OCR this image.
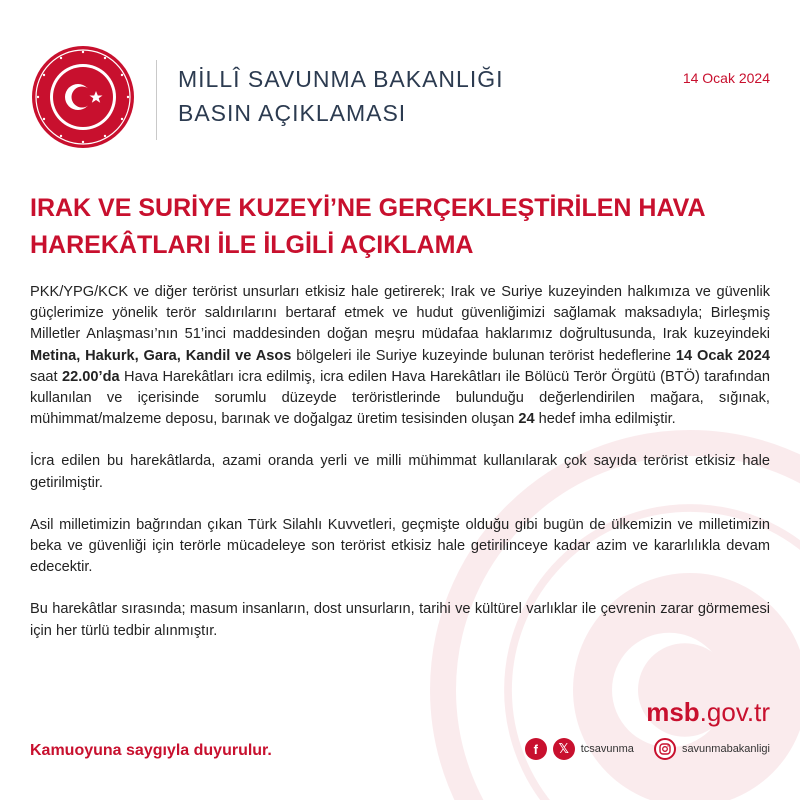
MİLLÎ SAVUNMA BAKANLIĞI
BASIN AÇIKLAMASI
14 Ocak 2024
IRAK VE SURİYE KUZEYİ’NE GERÇEKLEŞTİRİLEN HAVA
HAREKÂTLARI İLE İLGİLİ AÇIKLAMA

PKK/YPG/KCK ve diğer terörist unsurları etkisiz hale getirerek; Irak ve Suriye kuzeyinden halkımıza ve güvenlik güçlerimize yönelik terör saldırılarını bertaraf etmek ve hudut güvenliğimizi sağlamak maksadıyla; Birleşmiş Milletler Anlaşması’nın 51’inci maddesinden doğan meşru müdafaa haklarımız doğrultusunda, Irak kuzeyindeki Metina, Hakurk, Gara, Kandil ve Asos bölgeleri ile Suriye kuzeyinde bulunan terörist hedeflerine 14 Ocak 2024 saat 22.00’da Hava Harekâtları icra edilmiş, icra edilen Hava Harekâtları ile Bölücü Terör Örgütü (BTÖ) tarafından kullanılan ve içerisinde sorumlu düzeyde teröristlerinde bulunduğu değerlendirilen mağara, sığınak, mühimmat/malzeme deposu, barınak ve doğalgaz üretim tesisinden oluşan 24 hedef imha edilmiştir.

İcra edilen bu harekâtlarda, azami oranda yerli ve milli mühimmat kullanılarak çok sayıda terörist etkisiz hale getirilmiştir.

Asil milletimizin bağrından çıkan Türk Silahlı Kuvvetleri, geçmişte olduğu gibi bugün de ülkemizin ve milletimizin beka ve güvenliği için terörle mücadeleye son terörist etkisiz hale getirilinceye kadar azim ve kararlılıkla devam edecektir.

Bu harekâtlar sırasında; masum insanların, dost unsurların, tarihi ve kültürel varlıklar ile çevrenin zarar görmemesi için her türlü tedbir alınmıştır.

msb.gov.tr
Kamuoyuna saygıyla duyurulur.	f	𝕏	tcsavunma	savunmabakanligi
